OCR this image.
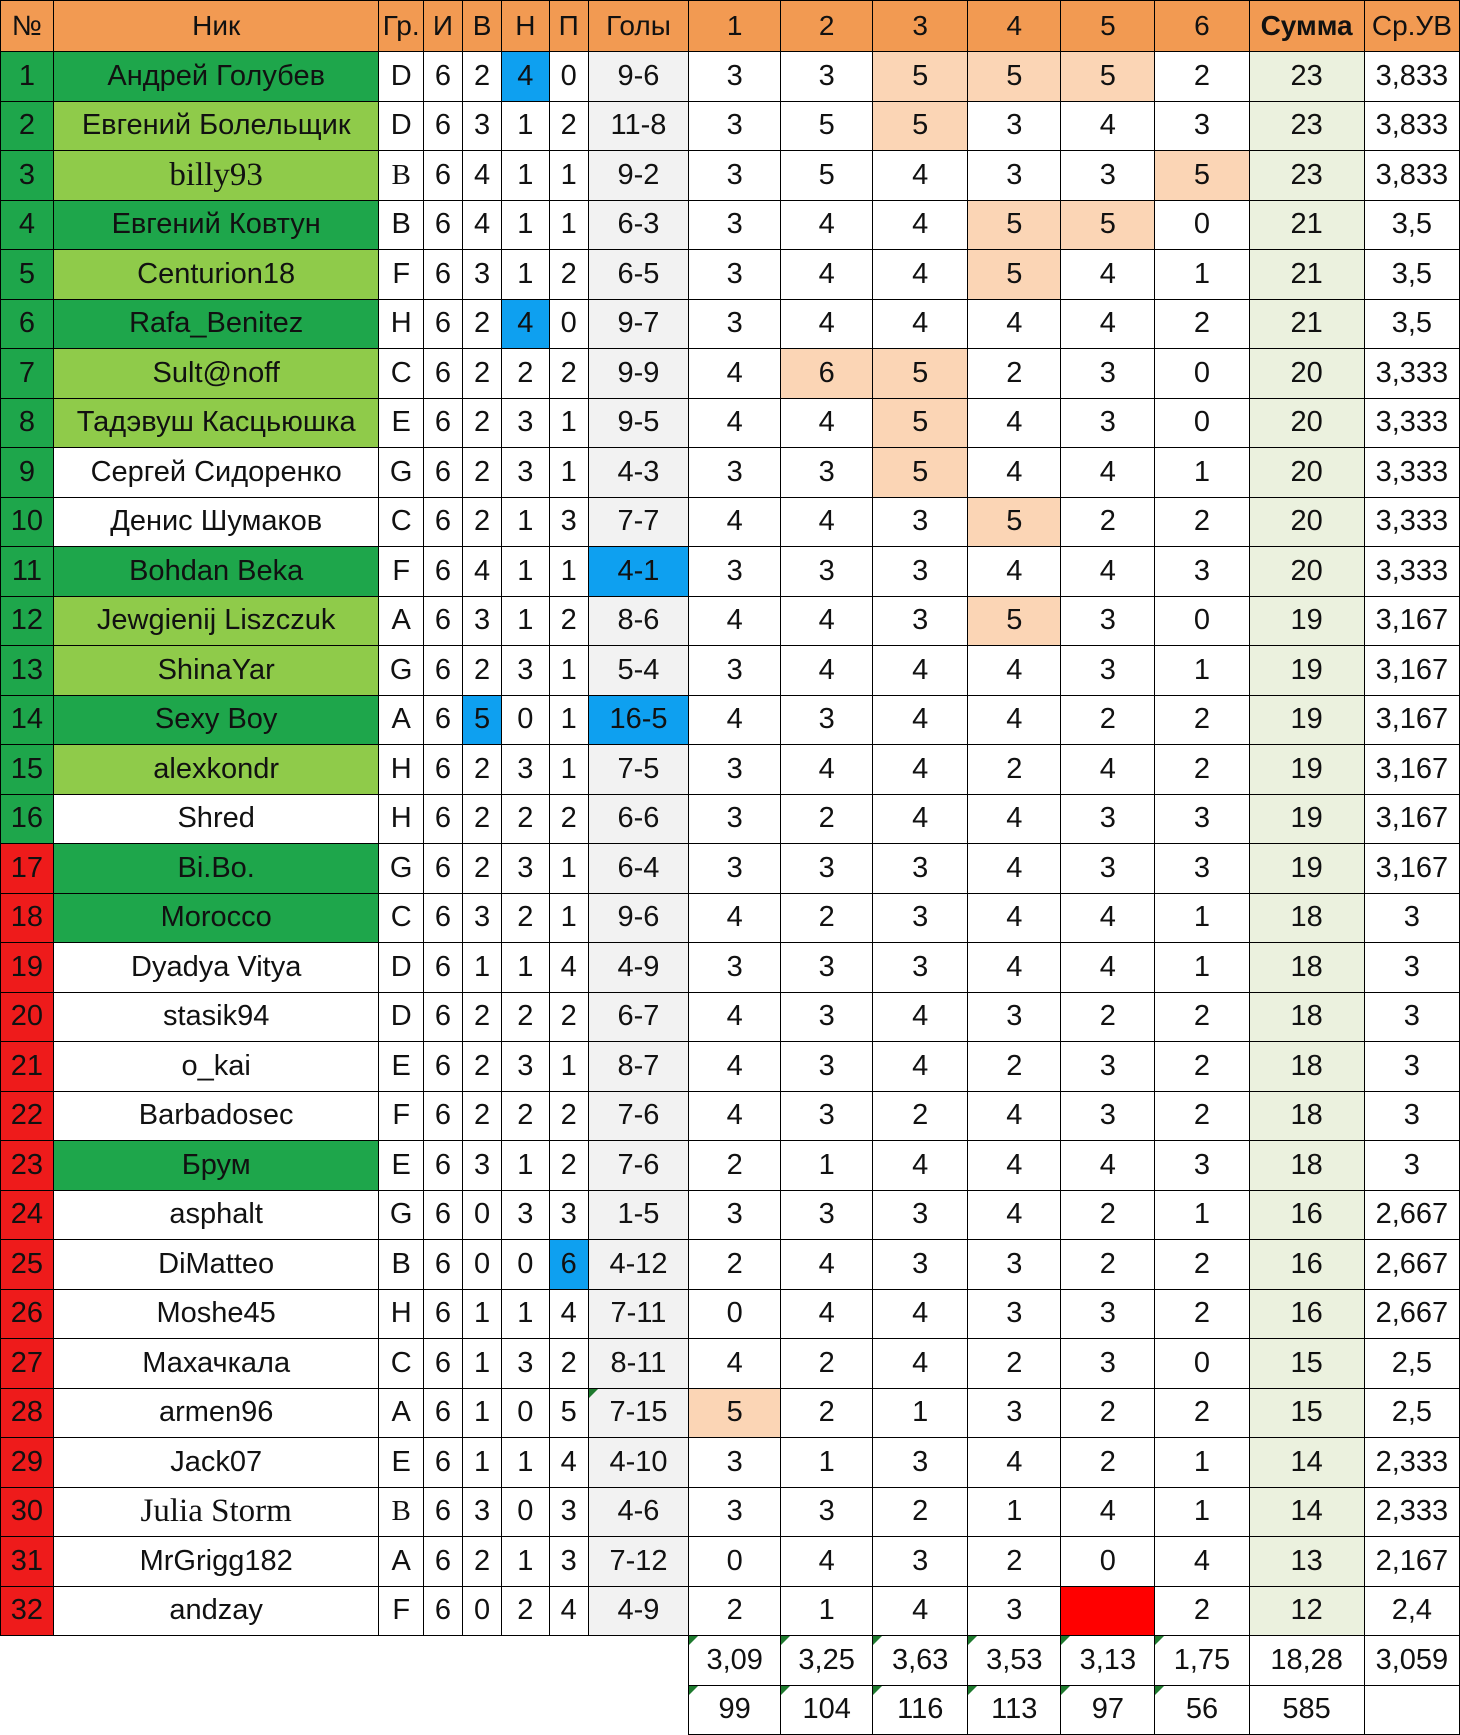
№	Ник	Гр.	И	В	Н	П	Голы	1	2	3	4	5	6	Сумма	Ср.УВ
1	Андрей Голубев	D	6	2	4	0	9-6	3	3	5	5	5	2	23	3,833
2	Евгений Болельщик	D	6	3	1	2	11-8	3	5	5	3	4	3	23	3,833
3	billy93	B	6	4	1	1	9-2	3	5	4	3	3	5	23	3,833
4	Евгений Ковтун	B	6	4	1	1	6-3	3	4	4	5	5	0	21	3,5
5	Centurion18	F	6	3	1	2	6-5	3	4	4	5	4	1	21	3,5
6	Rafa_Benitez	H	6	2	4	0	9-7	3	4	4	4	4	2	21	3,5
7	Sult@noff	C	6	2	2	2	9-9	4	6	5	2	3	0	20	3,333
8	Тадэвуш Касцьюшка	E	6	2	3	1	9-5	4	4	5	4	3	0	20	3,333
9	Сергей Сидоренко	G	6	2	3	1	4-3	3	3	5	4	4	1	20	3,333
10	Денис Шумаков	C	6	2	1	3	7-7	4	4	3	5	2	2	20	3,333
11	Bohdan Beka	F	6	4	1	1	4-1	3	3	3	4	4	3	20	3,333
12	Jewgienij Liszczuk	A	6	3	1	2	8-6	4	4	3	5	3	0	19	3,167
13	ShinaYar	G	6	2	3	1	5-4	3	4	4	4	3	1	19	3,167
14	Sexy Boy	A	6	5	0	1	16-5	4	3	4	4	2	2	19	3,167
15	alexkondr	H	6	2	3	1	7-5	3	4	4	2	4	2	19	3,167
16	Shred	H	6	2	2	2	6-6	3	2	4	4	3	3	19	3,167
17	Bi.Bo.	G	6	2	3	1	6-4	3	3	3	4	3	3	19	3,167
18	Morocco	C	6	3	2	1	9-6	4	2	3	4	4	1	18	3
19	Dyadya Vitya	D	6	1	1	4	4-9	3	3	3	4	4	1	18	3
20	stasik94	D	6	2	2	2	6-7	4	3	4	3	2	2	18	3
21	o_kai	E	6	2	3	1	8-7	4	3	4	2	3	2	18	3
22	Barbadosec	F	6	2	2	2	7-6	4	3	2	4	3	2	18	3
23	Брум	E	6	3	1	2	7-6	2	1	4	4	4	3	18	3
24	asphalt	G	6	0	3	3	1-5	3	3	3	4	2	1	16	2,667
25	DiMatteo	B	6	0	0	6	4-12	2	4	3	3	2	2	16	2,667
26	Moshe45	H	6	1	1	4	7-11	0	4	4	3	3	2	16	2,667
27	Махачкала	C	6	1	3	2	8-11	4	2	4	2	3	0	15	2,5
28	armen96	A	6	1	0	5	7-15	5	2	1	3	2	2	15	2,5
29	Jack07	E	6	1	1	4	4-10	3	1	3	4	2	1	14	2,333
30	Julia Storm	B	6	3	0	3	4-6	3	3	2	1	4	1	14	2,333
31	MrGrigg182	A	6	2	1	3	7-12	0	4	3	2	0	4	13	2,167
32	andzay	F	6	0	2	4	4-9	2	1	4	3		2	12	2,4
								3,09	3,25	3,63	3,53	3,13	1,75	18,28	3,059
								99	104	116	113	97	56	585	
